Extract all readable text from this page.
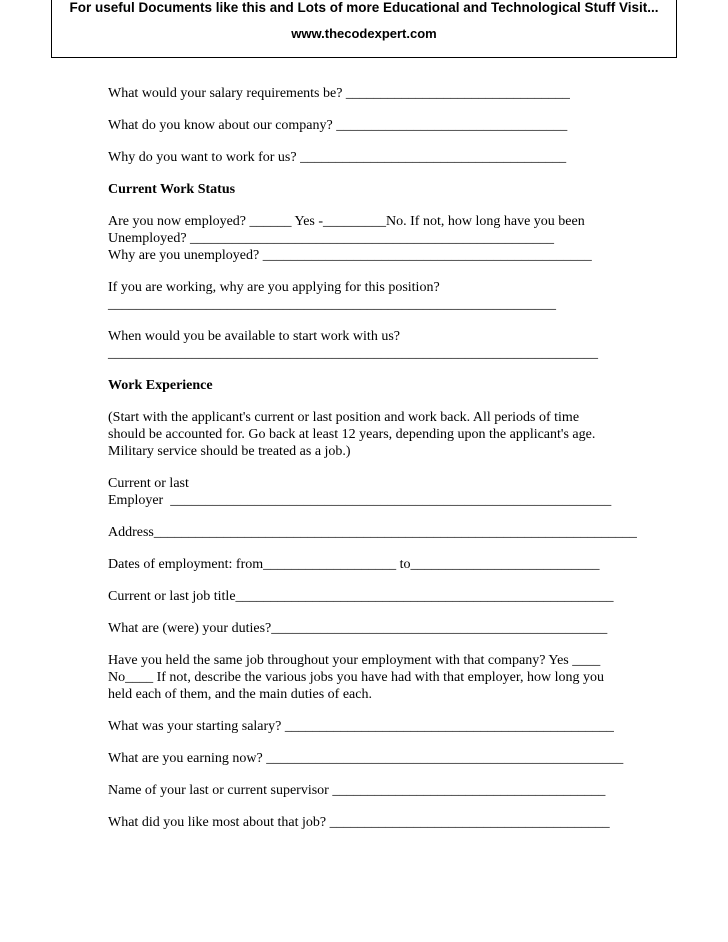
For useful Documents like this and Lots of more Educational and Technological Stuff Visit...
www.thecodexpert.com
What would your salary requirements be? ________________________________
What do you know about our company? _________________________________
Why do you want to work for us? ______________________________________
Current Work Status
Are you now employed? ______ Yes -_________No. If not, how long have you been
Unemployed? ____________________________________________________
Why are you unemployed? _______________________________________________
If you are working, why are you applying for this position?
________________________________________________________________
When would you be available to start work with us?
______________________________________________________________________
Work Experience
(Start with the applicant's current or last position and work back. All periods of time
should be accounted for. Go back at least 12 years, depending upon the applicant's age.
Military service should be treated as a job.)
Current or last
Employer  _______________________________________________________________
Address_____________________________________________________________________
Dates of employment: from___________________ to___________________________
Current or last job title______________________________________________________
What are (were) your duties?________________________________________________
Have you held the same job throughout your employment with that company? Yes ____
No____ If not, describe the various jobs you have had with that employer, how long you
held each of them, and the main duties of each.
What was your starting salary? _______________________________________________
What are you earning now? ___________________________________________________
Name of your last or current supervisor _______________________________________
What did you like most about that job? ________________________________________
